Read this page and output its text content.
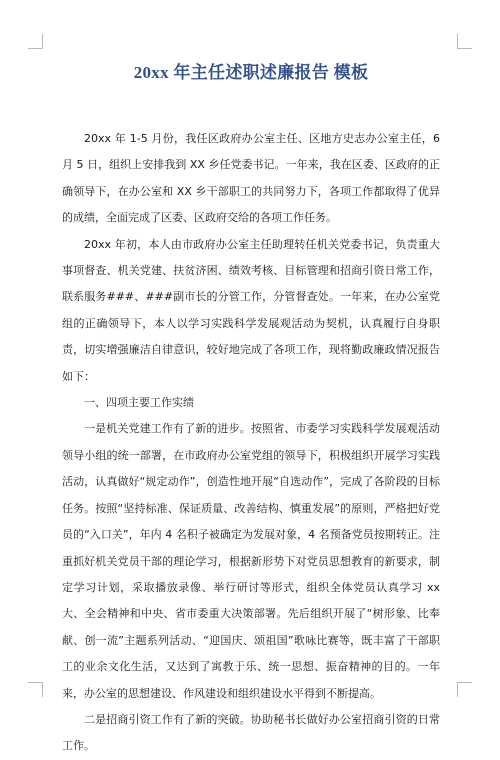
20xx 年主任述职述廉报告 模板

20xx 年 1-5 月份，我任区政府办公室主任、区地方史志办公室主任，6 月 5 日，组织上安排我到 XX 乡任党委书记。一年来，我在区委、区政府的正确领导下，在办公室和 XX 乡干部职工的共同努力下，各项工作都取得了优异的成绩，全面完成了区委、区政府交给的各项工作任务。

20xx 年初，本人由市政府办公室主任助理转任机关党委书记，负责重大事项督查、机关党建、扶贫济困、绩效考核、目标管理和招商引资日常工作，联系服务###、###副市长的分管工作，分管督查处。一年来，在办公室党组的正确领导下，本人以学习实践科学发展观活动为契机，认真履行自身职责，切实增强廉洁自律意识，较好地完成了各项工作，现将勤政廉政情况报告如下：

一、四项主要工作实绩

一是机关党建工作有了新的进步。按照省、市委学习实践科学发展观活动领导小组的统一部署，在市政府办公室党组的领导下，积极组织开展学习实践活动，认真做好“规定动作”，创造性地开展“自选动作”，完成了各阶段的目标任务。按照“坚持标准、保证质量、改善结构、慎重发展”的原则，严格把好党员的“入口关”，年内 4 名积子被确定为发展对象，4 名预备党员按期转正。注重抓好机关党员干部的理论学习，根据新形势下对党员思想教育的新要求，制定学习计划，采取播放录像、举行研讨等形式，组织全体党员认真学习 xx 大、全会精神和中央、省市委重大决策部署。先后组织开展了“树形象、比奉献、创一流”主题系列活动、“迎国庆、颂祖国”歌咏比赛等，既丰富了干部职工的业余文化生活，又达到了寓教于乐、统一思想、振奋精神的目的。一年来，办公室的思想建设、作风建设和组织建设水平得到不断提高。

二是招商引资工作有了新的突破。协助秘书长做好办公室招商引资的日常工作。
